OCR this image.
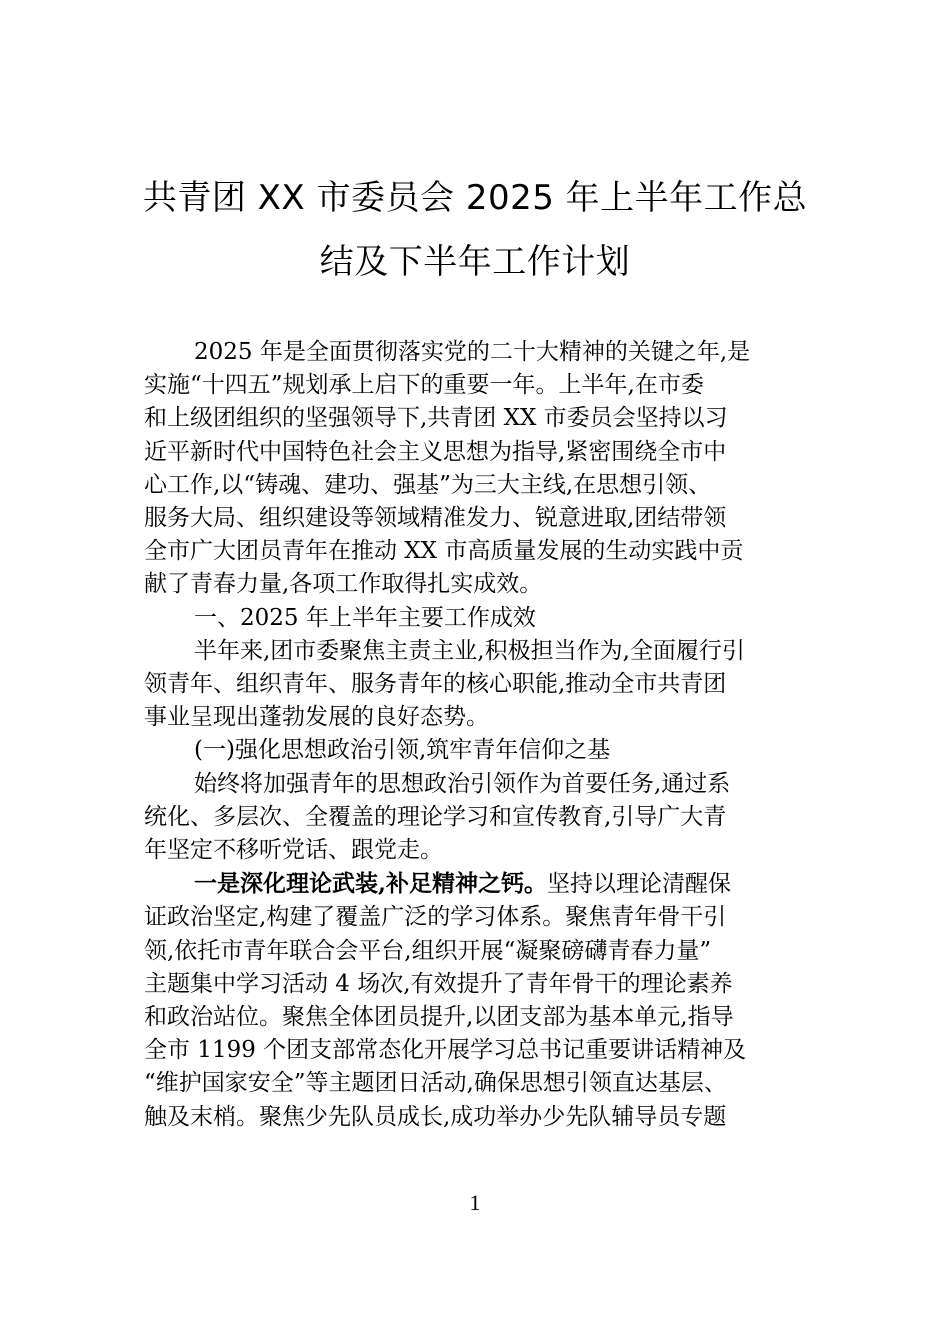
共青团 XX 市委员会 2025 年上半年工作总
结及下半年工作计划

2025 年是全面贯彻落实党的二十大精神的关键之年,是
实施“十四五”规划承上启下的重要一年。上半年,在市委
和上级团组织的坚强领导下,共青团 XX 市委员会坚持以习
近平新时代中国特色社会主义思想为指导,紧密围绕全市中
心工作,以“铸魂、建功、强基”为三大主线,在思想引领、
服务大局、组织建设等领域精准发力、锐意进取,团结带领
全市广大团员青年在推动 XX 市高质量发展的生动实践中贡
献了青春力量,各项工作取得扎实成效。

一、2025 年上半年主要工作成效

半年来,团市委聚焦主责主业,积极担当作为,全面履行引
领青年、组织青年、服务青年的核心职能,推动全市共青团
事业呈现出蓬勃发展的良好态势。

(一)强化思想政治引领,筑牢青年信仰之基

始终将加强青年的思想政治引领作为首要任务,通过系
统化、多层次、全覆盖的理论学习和宣传教育,引导广大青
年坚定不移听党话、跟党走。

一是深化理论武装,补足精神之钙。坚持以理论清醒保
证政治坚定,构建了覆盖广泛的学习体系。聚焦青年骨干引
领,依托市青年联合会平台,组织开展“凝聚磅礴青春力量”
主题集中学习活动 4 场次,有效提升了青年骨干的理论素养
和政治站位。聚焦全体团员提升,以团支部为基本单元,指导
全市 1199 个团支部常态化开展学习总书记重要讲话精神及
“维护国家安全”等主题团日活动,确保思想引领直达基层、
触及末梢。聚焦少先队员成长,成功举办少先队辅导员专题

1
